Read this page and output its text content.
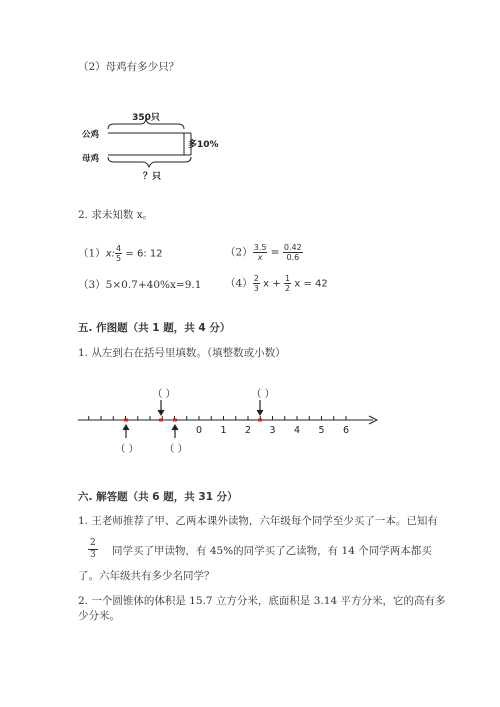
（2）母鸡有多少只？
350只
公鸡
多10%
母鸡
？只
2. 求未知数 x。
（1）x: $\frac{4}{5} = 6$: 12	$(2) \frac{3.5}{x} = \frac{0.42}{0.6}$
（3）5×0.7+40%x=9.1 $(4) \frac{2}{3}$ $x + \frac{1}{2}$ x = 42
五. 作图题（共 1 题，共 4 分）
1. 从左到右在括号里填数。（填整数或小数）
（ ）	（ ）
（ ）	（ ）
0 1 2 3 4 5 6
六. 解答题（共 6 题，共 31 分）
1. 王老师推荐了甲、乙两本课外读物，六年级每个同学至少买了一本。已知有
$\frac{2}{3}$ 同学买了甲读物，有 45%的同学买了乙读物，有 14 个同学两本都买
了。六年级共有多少名同学？
2. 一个圆锥体的体积是 15.7 立方分米，底面积是 3.14 平方分米，它的高有多
少分米。
